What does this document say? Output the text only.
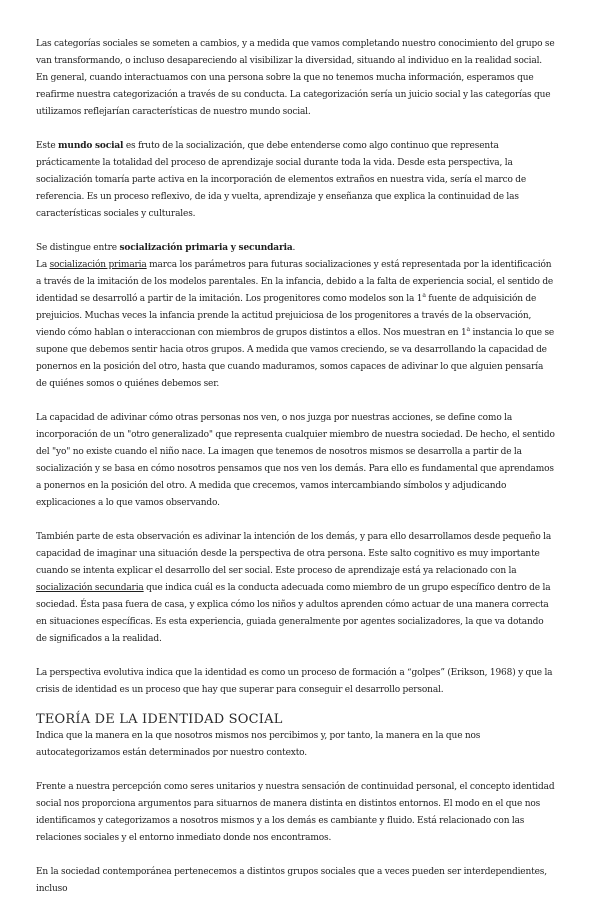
Las categorías sociales se someten a cambios, y a medida que vamos completando nuestro conocimiento del grupo se van transformando, o incluso desapareciendo al visibilizar la diversidad, situando al individuo en la realidad social. En general, cuando interactuamos con una persona sobre la que no tenemos mucha información, esperamos que reafirme nuestra categorización a través de su conducta. La categorización sería un juicio social y las categorías que utilizamos reflejarían características de nuestro mundo social.

Este mundo social es fruto de la socialización, que debe entenderse como algo continuo que representa prácticamente la totalidad del proceso de aprendizaje social durante toda la vida. Desde esta perspectiva, la socialización tomaría parte activa en la incorporación de elementos extraños en nuestra vida, sería el marco de referencia. Es un proceso reflexivo, de ida y vuelta, aprendizaje y enseñanza que explica la continuidad de las características sociales y culturales.

Se distingue entre socialización primaria y secundaria.

La socialización primaria marca los parámetros para futuras socializaciones y está representada por la identificación a través de la imitación de los modelos parentales. En la infancia, debido a la falta de experiencia social, el sentido de identidad se desarrolló a partir de la imitación. Los progenitores como modelos son la 1$^a$ fuente de adquisición de prejuicios. Muchas veces la infancia prende la actitud prejuiciosa de los progenitores a través de la observación, viendo cómo hablan o interaccionan con miembros de grupos distintos a ellos. Nos muestran en 1$^a$ instancia lo que se supone que debemos sentir hacia otros grupos. A medida que vamos creciendo, se va desarrollando la capacidad de ponernos en la posición del otro, hasta que cuando maduramos, somos capaces de adivinar lo que alguien pensaría de quiénes somos o quiénes debemos ser.

La capacidad de adivinar cómo otras personas nos ven, o nos juzga por nuestras acciones, se define como la incorporación de un "otro generalizado" que representa cualquier miembro de nuestra sociedad. De hecho, el sentido del "yo" no existe cuando el niño nace. La imagen que tenemos de nosotros mismos se desarrolla a partir de la socialización y se basa en cómo nosotros pensamos que nos ven los demás. Para ello es fundamental que aprendamos a ponernos en la posición del otro. A medida que crecemos, vamos intercambiando símbolos y adjudicando explicaciones a lo que vamos observando.

También parte de esta observación es adivinar la intención de los demás, y para ello desarrollamos desde pequeño la capacidad de imaginar una situación desde la perspectiva de otra persona. Este salto cognitivo es muy importante cuando se intenta explicar el desarrollo del ser social. Este proceso de aprendizaje está ya relacionado con la socialización secundaria que indica cuál es la conducta adecuada como miembro de un grupo específico dentro de la sociedad. Ésta pasa fuera de casa, y explica cómo los niños y adultos aprenden cómo actuar de una manera correcta en situaciones específicas. Es esta experiencia, guiada generalmente por agentes socializadores, la que va dotando de significados a la realidad.

La perspectiva evolutiva indica que la identidad es como un proceso de formación a “golpes” (Erikson, 1968) y que la crisis de identidad es un proceso que hay que superar para conseguir el desarrollo personal.

TEORÍA DE LA IDENTIDAD SOCIAL

Indica que la manera en la que nosotros mismos nos percibimos y, por tanto, la manera en la que nos autocategorizamos están determinados por nuestro contexto.

Frente a nuestra percepción como seres unitarios y nuestra sensación de continuidad personal, el concepto identidad social nos proporciona argumentos para situarnos de manera distinta en distintos entornos. El modo en el que nos identificamos y categorizamos a nosotros mismos y a los demás es cambiante y fluido. Está relacionado con las relaciones sociales y el entorno inmediato donde nos encontramos.

En la sociedad contemporánea pertenecemos a distintos grupos sociales que a veces pueden ser interdependientes, incluso
